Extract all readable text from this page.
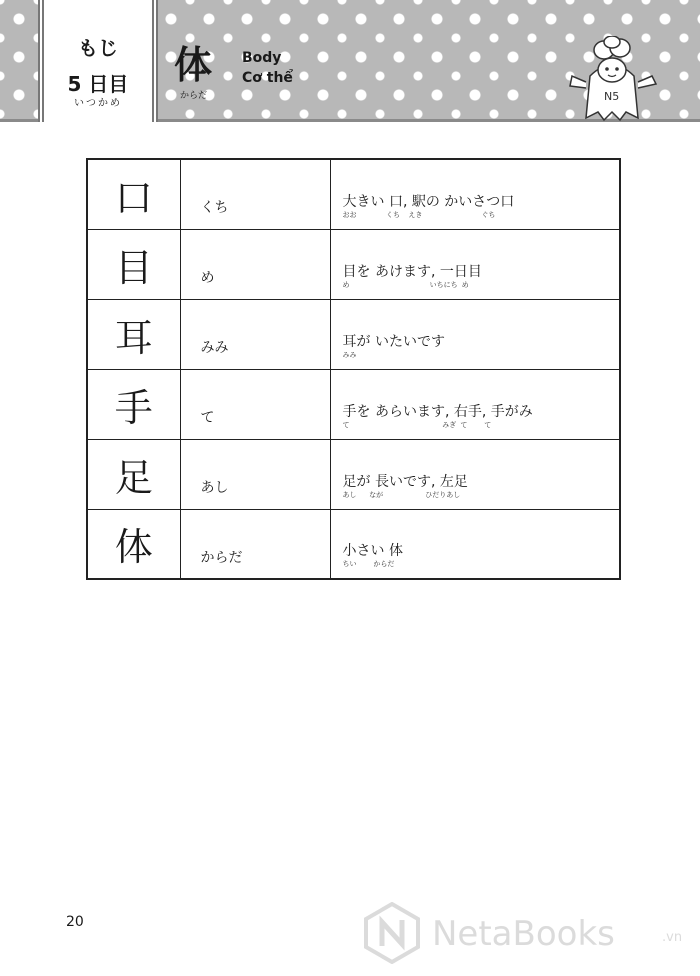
もじ
5 日目
いつかめ
体
からだ
Body
Cơ thể
N5
口	くち	大きい 口, 駅の かいさつ口
おお       くち  えき              ぐち

目	め	目を あけます, 一日目
め                   いちにち め

耳	みみ	耳が いたいです
みみ

手	て	手を あらいます, 右手, 手がみ
て                      みぎ て    て

足	あし	足が 長いです, 左足
あし   なが          ひだりあし

体	からだ	小さい 体
ちい    からだ
20	NetaBooks	.vn
